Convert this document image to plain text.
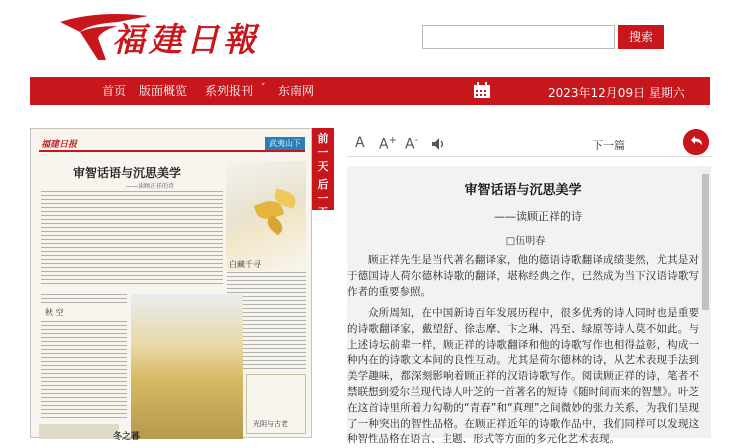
福建日報	搜索
首页 版面概览 系列报刊 ˅ 东南网	2023年12月09日 星期六
福建日报	武夷山下
审智话语与沉思美学
——读顾正祥的诗
白藏千寻
秋 空
光阴与古老
冬之暮
前
一
天
后
一
天
A A+ A-	下一篇
审智话语与沉思美学
——读顾正祥的诗
□伍明春

顾正祥先生是当代著名翻译家，他的德语诗歌翻译成绩斐然，尤其是对于德国诗人荷尔德林诗歌的翻译，堪称经典之作，已然成为当下汉语诗歌写作者的重要参照。

众所周知，在中国新诗百年发展历程中，很多优秀的诗人同时也是重要的诗歌翻译家，戴望舒、徐志摩、卞之琳、冯至、绿原等诗人莫不如此。与上述诗坛前辈一样，顾正祥的诗歌翻译和他的诗歌写作也相得益彰，构成一种内在的诗歌文本间的良性互动。尤其是荷尔德林的诗，从艺术表现手法到美学趣味，都深刻影响着顾正祥的汉语诗歌写作。阅读顾正祥的诗，笔者不禁联想到爱尔兰现代诗人叶芝的一首著名的短诗《随时间而来的智慧》。叶芝在这首诗里所着力勾勒的“青春”和“真理”之间微妙的张力关系，为我们呈现了一种突出的智性品格。在顾正祥近年的诗歌作品中，我们同样可以发现这种智性品格在语言、主题、形式等方面的多元化艺术表现。
